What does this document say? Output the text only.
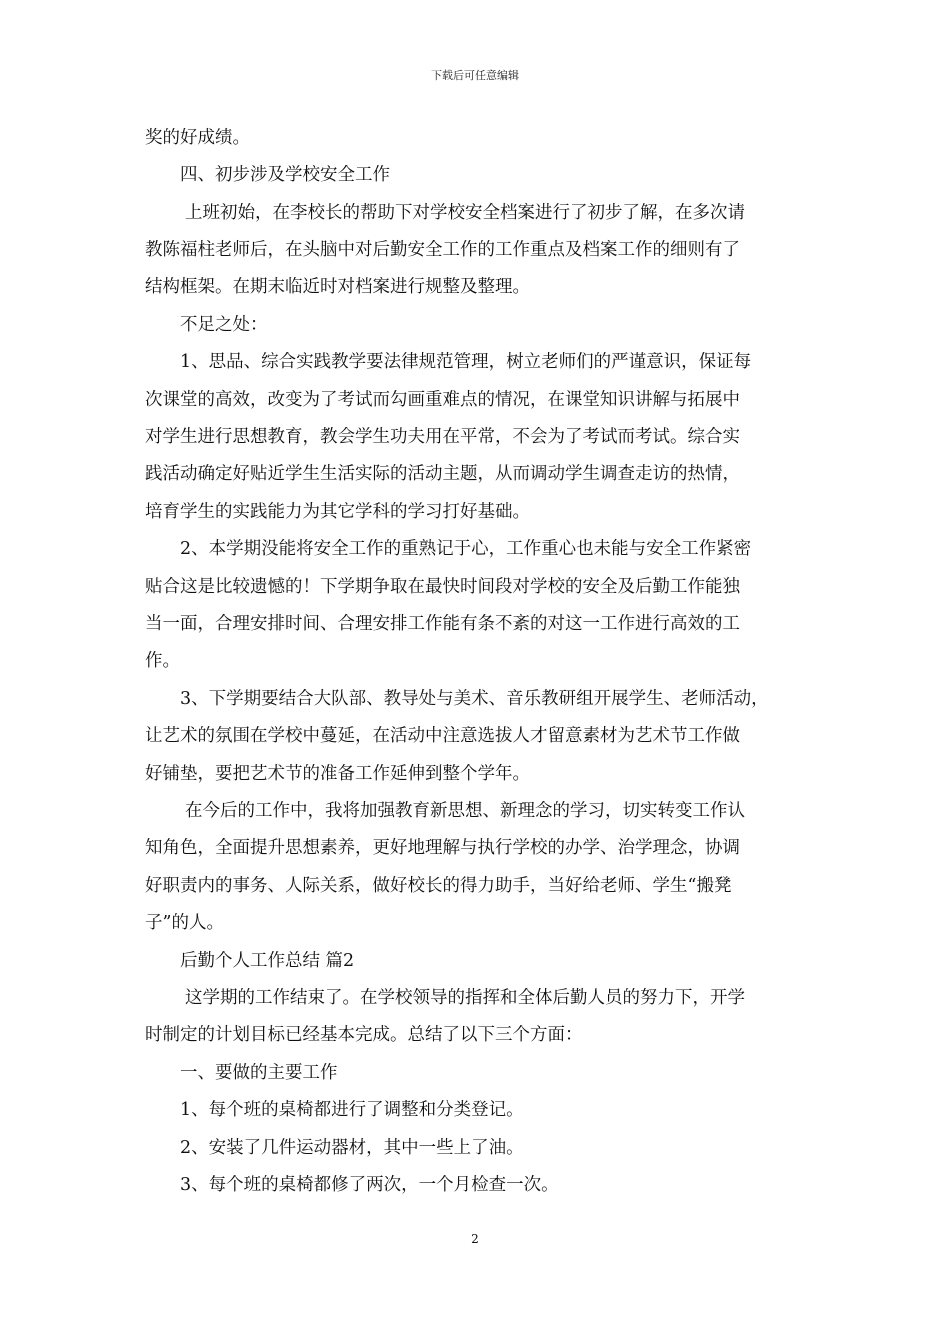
下载后可任意编辑
奖的好成绩。
四、初步涉及学校安全工作
上班初始，在李校长的帮助下对学校安全档案进行了初步了解，在多次请
教陈福柱老师后，在头脑中对后勤安全工作的工作重点及档案工作的细则有了
结构框架。在期末临近时对档案进行规整及整理。
不足之处：
1、思品、综合实践教学要法律规范管理，树立老师们的严谨意识，保证每
次课堂的高效，改变为了考试而勾画重难点的情况，在课堂知识讲解与拓展中
对学生进行思想教育，教会学生功夫用在平常，不会为了考试而考试。综合实
践活动确定好贴近学生生活实际的活动主题，从而调动学生调查走访的热情，
培育学生的实践能力为其它学科的学习打好基础。
2、本学期没能将安全工作的重熟记于心，工作重心也未能与安全工作紧密
贴合这是比较遗憾的！下学期争取在最快时间段对学校的安全及后勤工作能独
当一面，合理安排时间、合理安排工作能有条不紊的对这一工作进行高效的工
作。
3、下学期要结合大队部、教导处与美术、音乐教研组开展学生、老师活动，
让艺术的氛围在学校中蔓延，在活动中注意选拔人才留意素材为艺术节工作做
好铺垫，要把艺术节的准备工作延伸到整个学年。
在今后的工作中，我将加强教育新思想、新理念的学习，切实转变工作认
知角色，全面提升思想素养，更好地理解与执行学校的办学、治学理念，协调
好职责内的事务、人际关系，做好校长的得力助手，当好给老师、学生“搬凳
子”的人。
后勤个人工作总结 篇2
这学期的工作结束了。在学校领导的指挥和全体后勤人员的努力下，开学
时制定的计划目标已经基本完成。总结了以下三个方面：
一、要做的主要工作
1、每个班的桌椅都进行了调整和分类登记。
2、安装了几件运动器材，其中一些上了油。
3、每个班的桌椅都修了两次，一个月检查一次。
2
